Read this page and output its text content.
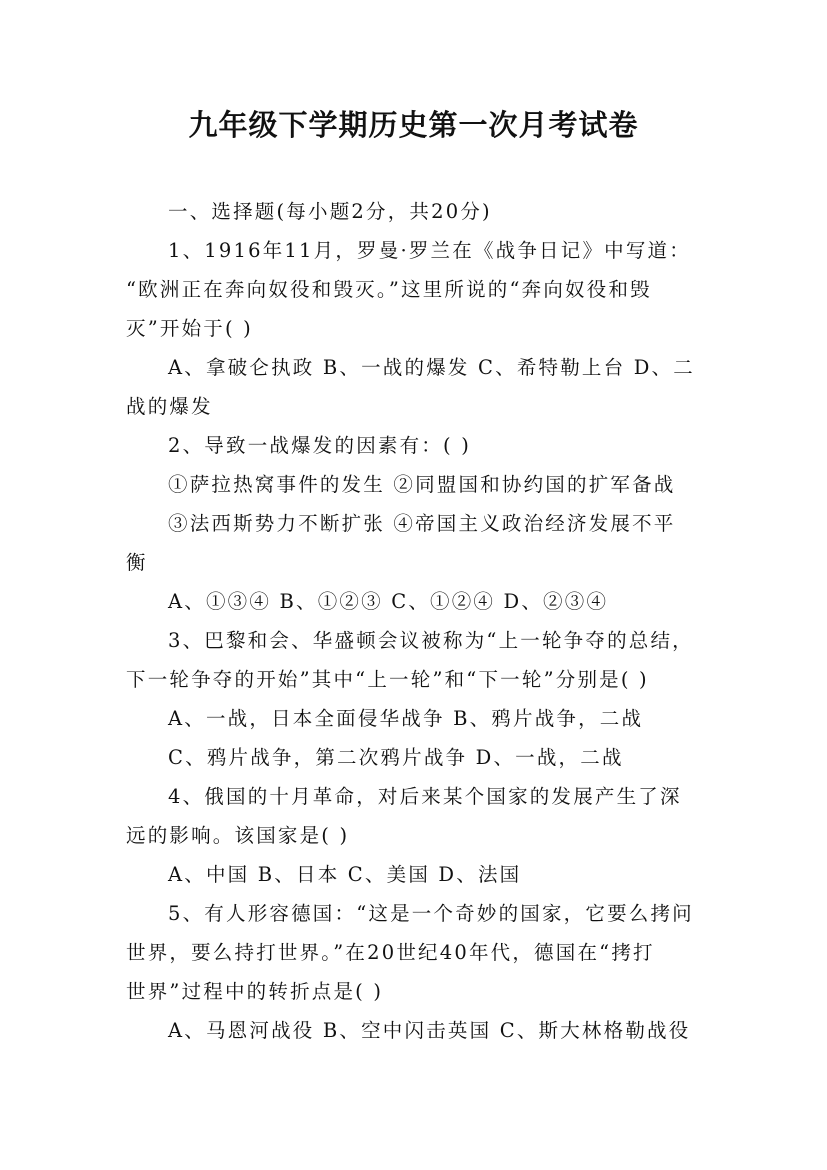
九年级下学期历史第一次月考试卷
一、选择题(每小题2分，共20分)
1、1916年11月，罗曼·罗兰在《战争日记》中写道：
“欧洲正在奔向奴役和毁灭。”这里所说的“奔向奴役和毁
灭”开始于( )
A、拿破仑执政 B、一战的爆发 C、希特勒上台 D、二
战的爆发
2、导致一战爆发的因素有：( )
①萨拉热窝事件的发生 ②同盟国和协约国的扩军备战
③法西斯势力不断扩张 ④帝国主义政治经济发展不平
衡
A、①③④ B、①②③ C、①②④ D、②③④
3、巴黎和会、华盛顿会议被称为“上一轮争夺的总结，
下一轮争夺的开始”其中“上一轮”和“下一轮”分别是( )
A、一战，日本全面侵华战争 B、鸦片战争，二战
C、鸦片战争，第二次鸦片战争 D、一战，二战
4、俄国的十月革命，对后来某个国家的发展产生了深
远的影响。该国家是( )
A、中国 B、日本 C、美国 D、法国
5、有人形容德国：“这是一个奇妙的国家，它要么拷问
世界，要么持打世界。”在20世纪40年代，德国在“拷打
世界”过程中的转折点是( )
A、马恩河战役 B、空中闪击英国 C、斯大林格勒战役
